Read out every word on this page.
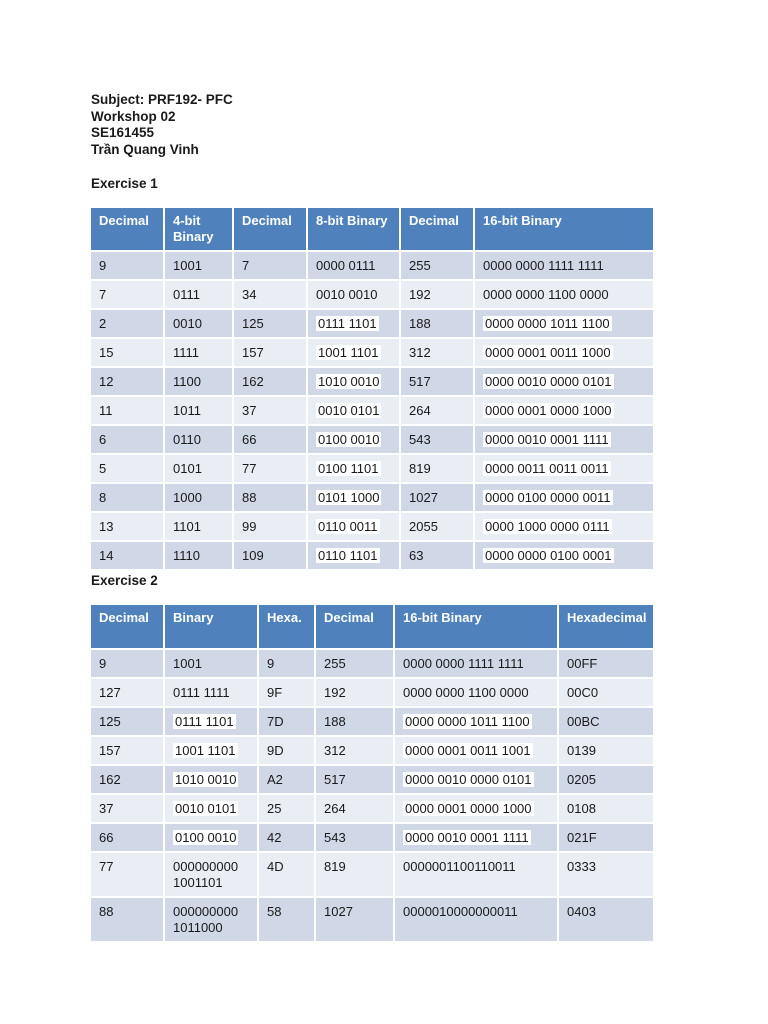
Subject: PRF192- PFC
Workshop 02
SE161455
Trần Quang Vinh
Exercise 1
Decimal	4-bit Binary	Decimal	8-bit Binary	Decimal	16-bit Binary
9	1001	7	0000 0111	255	0000 0000 1111 1111
7	0111	34	0010 0010	192	0000 0000 1100 0000
2	0010	125	0111 1101	188	0000 0000 1011 1100
15	1111	157	1001 1101	312	0000 0001 0011 1000
12	1100	162	1010 0010	517	0000 0010 0000 0101
11	1011	37	0010 0101	264	0000 0001 0000 1000
6	0110	66	0100 0010	543	0000 0010 0001 1111
5	0101	77	0100 1101	819	0000 0011 0011 0011
8	1000	88	0101 1000	1027	0000 0100 0000 0011
13	1101	99	0110 0011	2055	0000 1000 0000 0111
14	1110	109	0110 1101	63	0000 0000 0100 0001
Exercise 2
Decimal	Binary	Hexa.	Decimal	16-bit Binary	Hexadecimal
9	1001	9	255	0000 0000 1111 1111	00FF
127	0111 1111	9F	192	0000 0000 1100 0000	00C0
125	0111 1101	7D	188	0000 0000 1011 1100	00BC
157	1001 1101	9D	312	0000 0001 0011 1001	0139
162	1010 0010	A2	517	0000 0010 0000 0101	0205
37	0010 0101	25	264	0000 0001 0000 1000	0108
66	0100 0010	42	543	0000 0010 0001 1111	021F
77	000000000 1001101	4D	819	0000001100110011	0333
88	000000000 1011000	58	1027	0000010000000011	0403
